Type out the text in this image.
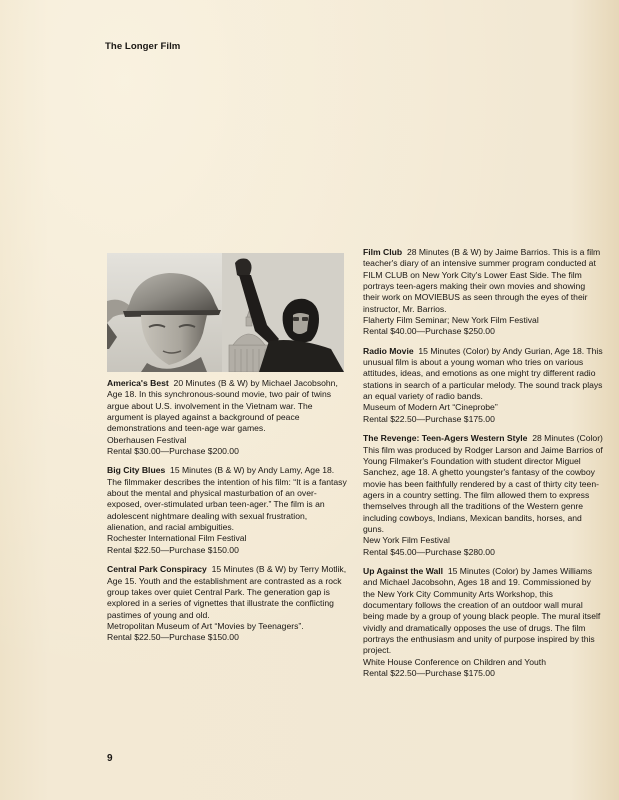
The Longer Film

America's Best 20 Minutes (B & W) by Michael Jacobsohn, Age 18. In this synchronous-sound movie, two pair of twins argue about U.S. involvement in the Vietnam war. The argument is played against a background of peace demonstrations and teen-age war games.

Oberhausen Festival

Rental $30.00—Purchase $200.00

Big City Blues 15 Minutes (B & W) by Andy Lamy, Age 18. The filmmaker describes the intention of his film: “It is a fantasy about the mental and physical masturbation of an over-exposed, over-stimulated urban teen-ager.” The film is an adolescent nightmare dealing with sexual frustration, alienation, and racial ambiguities.

Rochester International Film Festival

Rental $22.50—Purchase $150.00

Central Park Conspiracy 15 Minutes (B & W) by Terry Motlik, Age 15. Youth and the establishment are contrasted as a rock group takes over quiet Central Park. The generation gap is explored in a series of vignettes that illustrate the conflicting pastimes of young and old.

Metropolitan Museum of Art “Movies by Teenagers”.

Rental $22.50—Purchase $150.00

Film Club 28 Minutes (B & W) by Jaime Barrios. This is a film teacher's diary of an intensive summer program conducted at FILM CLUB on New York City's Lower East Side. The film portrays teen-agers making their own movies and showing their work on MOVIEBUS as seen through the eyes of their instructor, Mr. Barrios.

Flaherty Film Seminar; New York Film Festival

Rental $40.00—Purchase $250.00

Radio Movie 15 Minutes (Color) by Andy Gurian, Age 18. This unusual film is about a young woman who tries on various attitudes, ideas, and emotions as one might try different radio stations in search of a particular melody. The sound track plays an equal variety of radio bands.

Museum of Modern Art “Cineprobe”

Rental $22.50—Purchase $175.00

The Revenge: Teen-Agers Western Style 28 Minutes (Color) This film was produced by Rodger Larson and Jaime Barrios of Young Filmaker's Foundation with student director Miguel Sanchez, age 18. A ghetto youngster's fantasy of the cowboy movie has been faithfully rendered by a cast of thirty city teen-agers in a country setting. The film allowed them to express themselves through all the traditions of the Western genre including cowboys, Indians, Mexican bandits, horses, and guns.

New York Film Festival

Rental $45.00—Purchase $280.00

Up Against the Wall 15 Minutes (Color) by James Williams and Michael Jacobsohn, Ages 18 and 19. Commissioned by the New York City Community Arts Workshop, this documentary follows the creation of an outdoor wall mural being made by a group of young black people. The mural itself vividly and dramatically opposes the use of drugs. The film portrays the enthusiasm and unity of purpose inspired by this project.

White House Conference on Children and Youth

Rental $22.50—Purchase $175.00

9
